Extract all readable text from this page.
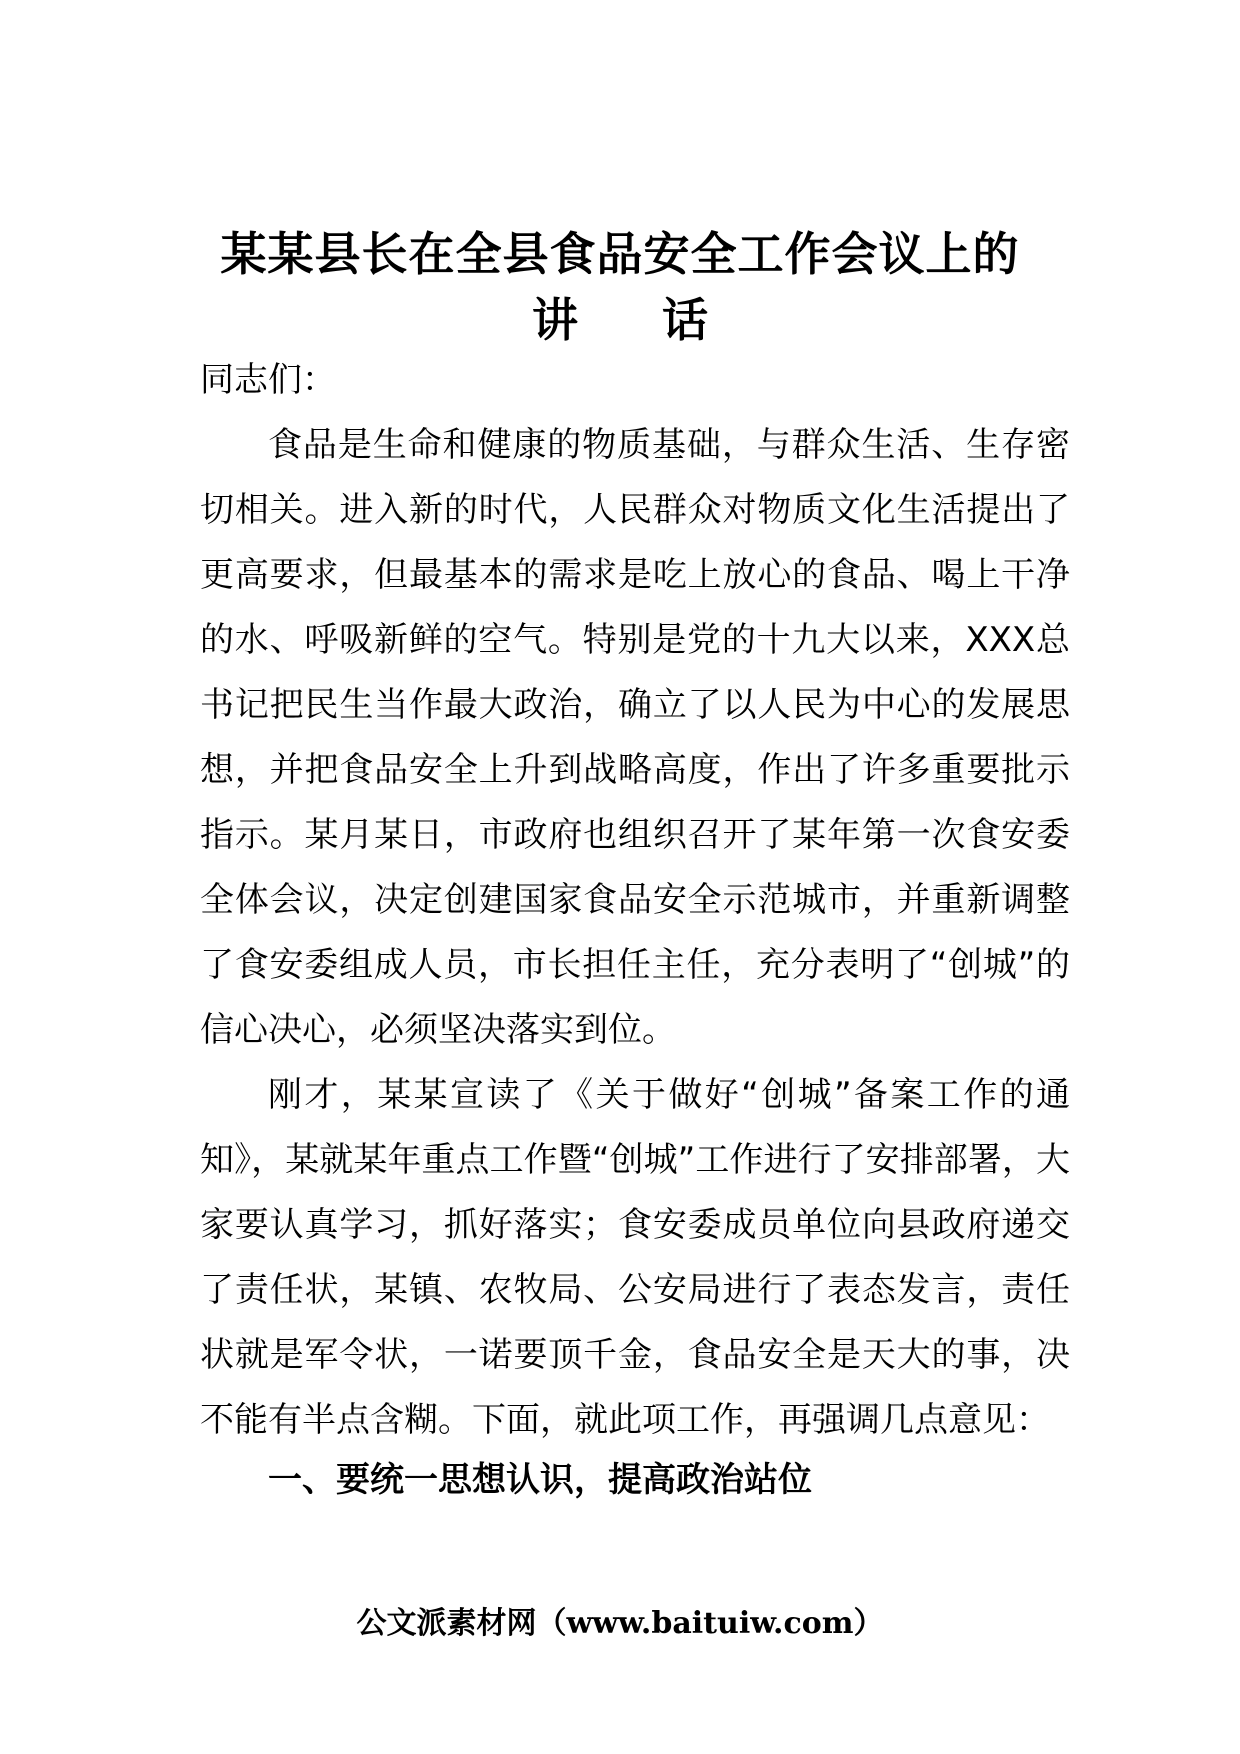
某某县长在全县食品安全工作会议上的
讲话

同志们：

食品是生命和健康的物质基础，与群众生活、生存密切相关。进入新的时代，人民群众对物质文化生活提出了更高要求，但最基本的需求是吃上放心的食品、喝上干净的水、呼吸新鲜的空气。特别是党的十九大以来，XXX总书记把民生当作最大政治，确立了以人民为中心的发展思想，并把食品安全上升到战略高度，作出了许多重要批示指示。某月某日，市政府也组织召开了某年第一次食安委全体会议，决定创建国家食品安全示范城市，并重新调整了食安委组成人员，市长担任主任，充分表明了“创城”的信心决心，必须坚决落实到位。

刚才，某某宣读了《关于做好“创城”备案工作的通知》，某就某年重点工作暨“创城”工作进行了安排部署，大家要认真学习，抓好落实；食安委成员单位向县政府递交了责任状，某镇、农牧局、公安局进行了表态发言，责任状就是军令状，一诺要顶千金，食品安全是天大的事，决不能有半点含糊。下面，就此项工作，再强调几点意见：

一、要统一思想认识，提高政治站位

公文派素材网（www.baituiw.com）
